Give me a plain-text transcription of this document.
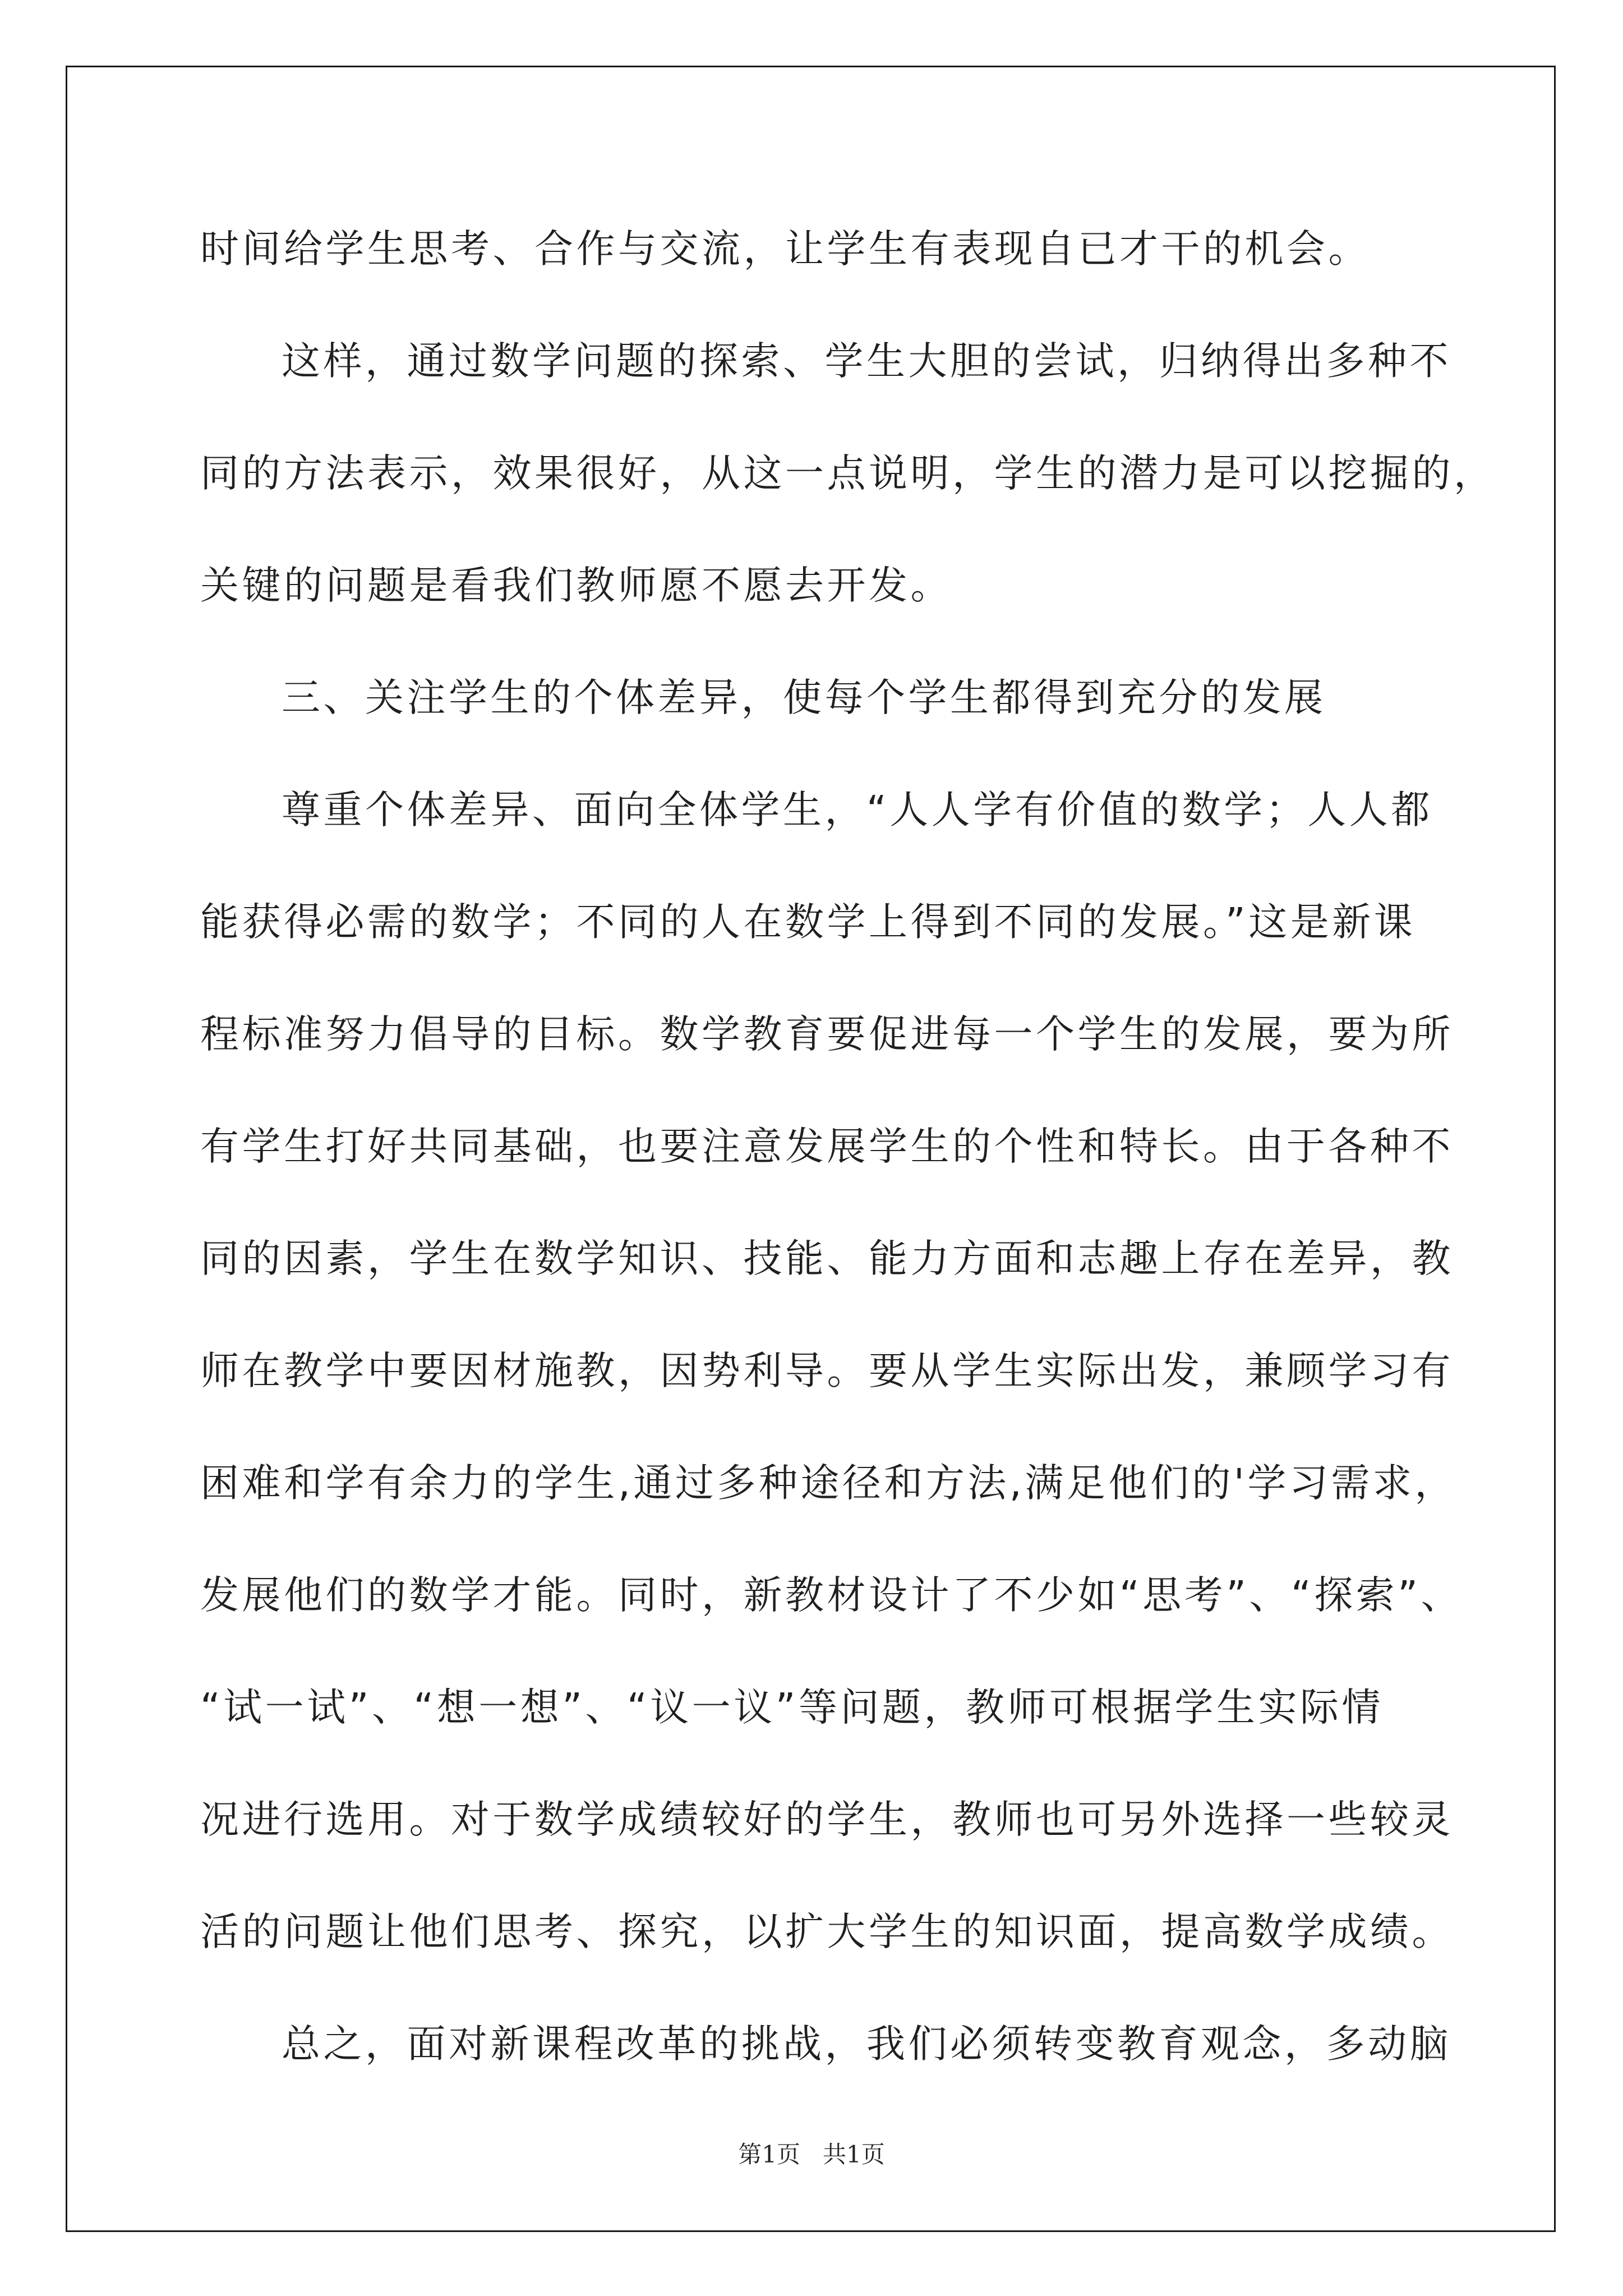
时间给学生思考、合作与交流，让学生有表现自已才干的机会。
这样，通过数学问题的探索、学生大胆的尝试，归纳得出多种不
同的方法表示，效果很好，从这一点说明，学生的潜力是可以挖掘的，
关键的问题是看我们教师愿不愿去开发。
三、关注学生的个体差异，使每个学生都得到充分的发展
尊重个体差异、面向全体学生，“人人学有价值的数学；人人都
能获得必需的数学；不同的人在数学上得到不同的发展。”这是新课
程标准努力倡导的目标。数学教育要促进每一个学生的发展，要为所
有学生打好共同基础，也要注意发展学生的个性和特长。由于各种不
同的因素，学生在数学知识、技能、能力方面和志趣上存在差异，教
师在教学中要因材施教，因势利导。要从学生实际出发，兼顾学习有
困难和学有余力的学生,通过多种途径和方法,满足他们的'学习需求，
发展他们的数学才能。同时，新教材设计了不少如“思考”、“探索”、
“试一试”、“想一想”、“议一议”等问题，教师可根据学生实际情
况进行选用。对于数学成绩较好的学生，教师也可另外选择一些较灵
活的问题让他们思考、探究，以扩大学生的知识面，提高数学成绩。
总之，面对新课程改革的挑战，我们必须转变教育观念，多动脑
第1页   共1页
